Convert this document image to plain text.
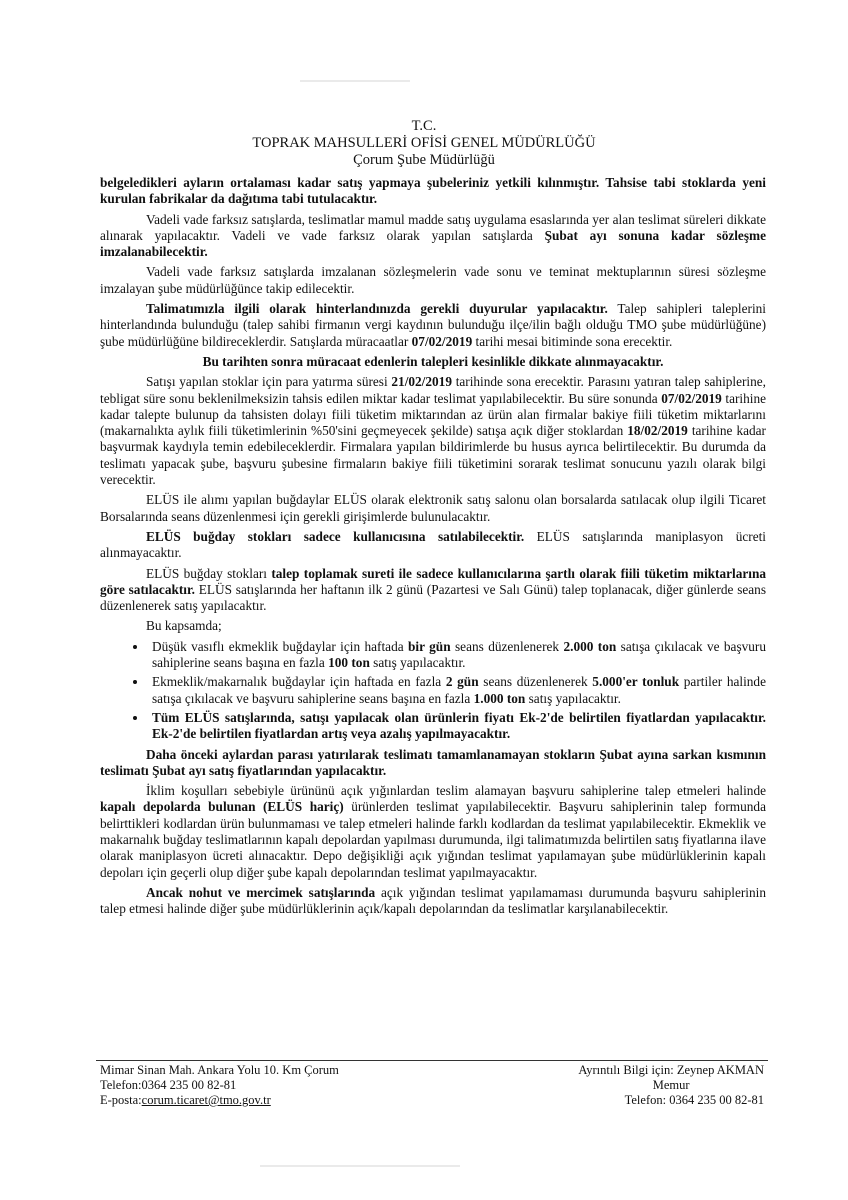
T.C.
TOPRAK MAHSULLERİ OFİSİ GENEL MÜDÜRLÜĞÜ
Çorum Şube Müdürlüğü

belgeledikleri ayların ortalaması kadar satış yapmaya şubeleriniz yetkili kılınmıştır. Tahsise tabi stoklarda yeni kurulan fabrikalar da dağıtıma tabi tutulacaktır.

Vadeli vade farksız satışlarda, teslimatlar mamul madde satış uygulama esaslarında yer alan teslimat süreleri dikkate alınarak yapılacaktır. Vadeli ve vade farksız olarak yapılan satışlarda Şubat ayı sonuna kadar sözleşme imzalanabilecektir.

Vadeli vade farksız satışlarda imzalanan sözleşmelerin vade sonu ve teminat mektuplarının süresi sözleşme imzalayan şube müdürlüğünce takip edilecektir.

Talimatımızla ilgili olarak hinterlandınızda gerekli duyurular yapılacaktır. Talep sahipleri taleplerini hinterlandında bulunduğu (talep sahibi firmanın vergi kaydının bulunduğu ilçe/ilin bağlı olduğu TMO şube müdürlüğüne) şube müdürlüğüne bildireceklerdir. Satışlarda müracaatlar 07/02/2019 tarihi mesai bitiminde sona erecektir.

Bu tarihten sonra müracaat edenlerin talepleri kesinlikle dikkate alınmayacaktır.

Satışı yapılan stoklar için para yatırma süresi 21/02/2019 tarihinde sona erecektir. Parasını yatıran talep sahiplerine, tebligat süre sonu beklenilmeksizin tahsis edilen miktar kadar teslimat yapılabilecektir. Bu süre sonunda 07/02/2019 tarihine kadar talepte bulunup da tahsisten dolayı fiili tüketim miktarından az ürün alan firmalar bakiye fiili tüketim miktarlarını (makarnalıkta aylık fiili tüketimlerinin %50'sini geçmeyecek şekilde) satışa açık diğer stoklardan 18/02/2019 tarihine kadar başvurmak kaydıyla temin edebileceklerdir. Firmalara yapılan bildirimlerde bu husus ayrıca belirtilecektir. Bu durumda da teslimatı yapacak şube, başvuru şubesine firmaların bakiye fiili tüketimini sorarak teslimat sonucunu yazılı olarak bilgi verecektir.

ELÜS ile alımı yapılan buğdaylar ELÜS olarak elektronik satış salonu olan borsalarda satılacak olup ilgili Ticaret Borsalarında seans düzenlenmesi için gerekli girişimlerde bulunulacaktır.

ELÜS buğday stokları sadece kullanıcısına satılabilecektir. ELÜS satışlarında maniplasyon ücreti alınmayacaktır.

ELÜS buğday stokları talep toplamak sureti ile sadece kullanıcılarına şartlı olarak fiili tüketim miktarlarına göre satılacaktır. ELÜS satışlarında her haftanın ilk 2 günü (Pazartesi ve Salı Günü) talep toplanacak, diğer günlerde seans düzenlenerek satış yapılacaktır.

Bu kapsamda;

• Düşük vasıflı ekmeklik buğdaylar için haftada bir gün seans düzenlenerek 2.000 ton satışa çıkılacak ve başvuru sahiplerine seans başına en fazla 100 ton satış yapılacaktır.
• Ekmeklik/makarnalık buğdaylar için haftada en fazla 2 gün seans düzenlenerek 5.000'er tonluk partiler halinde satışa çıkılacak ve başvuru sahiplerine seans başına en fazla 1.000 ton satış yapılacaktır.
• Tüm ELÜS satışlarında, satışı yapılacak olan ürünlerin fiyatı Ek-2'de belirtilen fiyatlardan yapılacaktır. Ek-2'de belirtilen fiyatlardan artış veya azalış yapılmayacaktır.

Daha önceki aylardan parası yatırılarak teslimatı tamamlanamayan stokların Şubat ayına sarkan kısmının teslimatı Şubat ayı satış fiyatlarından yapılacaktır.

İklim koşulları sebebiyle ürününü açık yığınlardan teslim alamayan başvuru sahiplerine talep etmeleri halinde kapalı depolarda bulunan (ELÜS hariç) ürünlerden teslimat yapılabilecektir. Başvuru sahiplerinin talep formunda belirttikleri kodlardan ürün bulunmaması ve talep etmeleri halinde farklı kodlardan da teslimat yapılabilecektir. Ekmeklik ve makarnalık buğday teslimatlarının kapalı depolardan yapılması durumunda, ilgi talimatımızda belirtilen satış fiyatlarına ilave olarak maniplasyon ücreti alınacaktır. Depo değişikliği açık yığından teslimat yapılamayan şube müdürlüklerinin kapalı depoları için geçerli olup diğer şube kapalı depolarından teslimat yapılmayacaktır.

Ancak nohut ve mercimek satışlarında açık yığından teslimat yapılamaması durumunda başvuru sahiplerinin talep etmesi halinde diğer şube müdürlüklerinin açık/kapalı depolarından da teslimatlar karşılanabilecektir.

Mimar Sinan Mah. Ankara Yolu 10. Km Çorum
Telefon:0364 235 00 82-81
E-posta:corum.ticaret@tmo.gov.tr
Ayrıntılı Bilgi için: Zeynep AKMAN
Memur
Telefon: 0364 235 00 82-81
